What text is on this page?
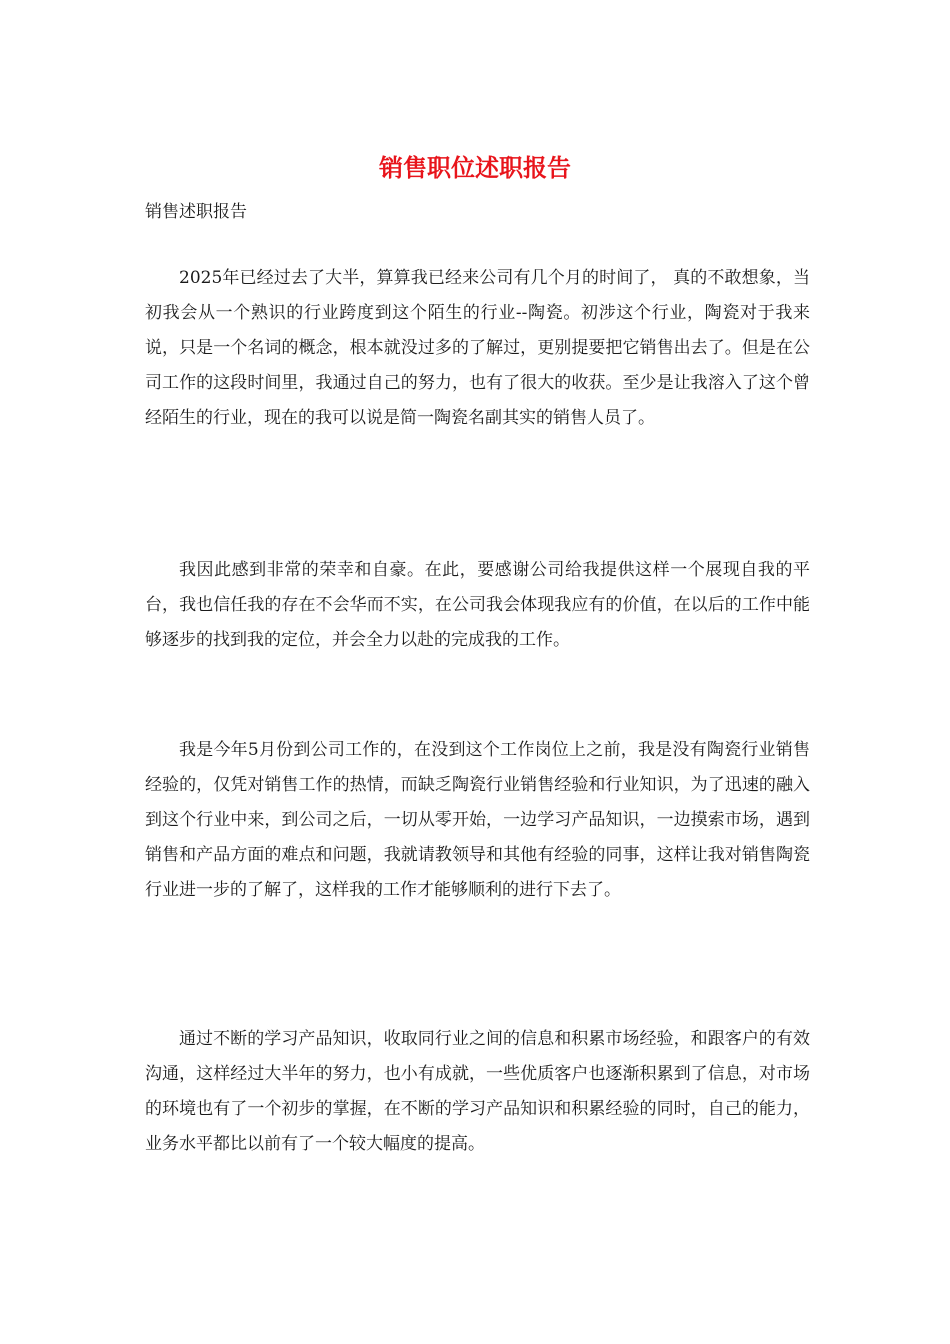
销售职位述职报告

销售述职报告

2025年已经过去了大半，算算我已经来公司有几个月的时间了， 真的不敢想象，当初我会从一个熟识的行业跨度到这个陌生的行业--陶瓷。初涉这个行业，陶瓷对于我来说，只是一个名词的概念，根本就没过多的了解过，更别提要把它销售出去了。但是在公司工作的这段时间里，我通过自己的努力，也有了很大的收获。至少是让我溶入了这个曾经陌生的行业，现在的我可以说是简一陶瓷名副其实的销售人员了。

我因此感到非常的荣幸和自豪。在此，要感谢公司给我提供这样一个展现自我的平台，我也信任我的存在不会华而不实，在公司我会体现我应有的价值，在以后的工作中能够逐步的找到我的定位，并会全力以赴的完成我的工作。

我是今年5月份到公司工作的，在没到这个工作岗位上之前，我是没有陶瓷行业销售经验的，仅凭对销售工作的热情，而缺乏陶瓷行业销售经验和行业知识，为了迅速的融入到这个行业中来，到公司之后，一切从零开始，一边学习产品知识，一边摸索市场，遇到销售和产品方面的难点和问题，我就请教领导和其他有经验的同事，这样让我对销售陶瓷行业进一步的了解了，这样我的工作才能够顺利的进行下去了。

通过不断的学习产品知识，收取同行业之间的信息和积累市场经验，和跟客户的有效沟通，这样经过大半年的努力，也小有成就，一些优质客户也逐渐积累到了信息，对市场的环境也有了一个初步的掌握，在不断的学习产品知识和积累经验的同时，自己的能力，业务水平都比以前有了一个较大幅度的提高。
